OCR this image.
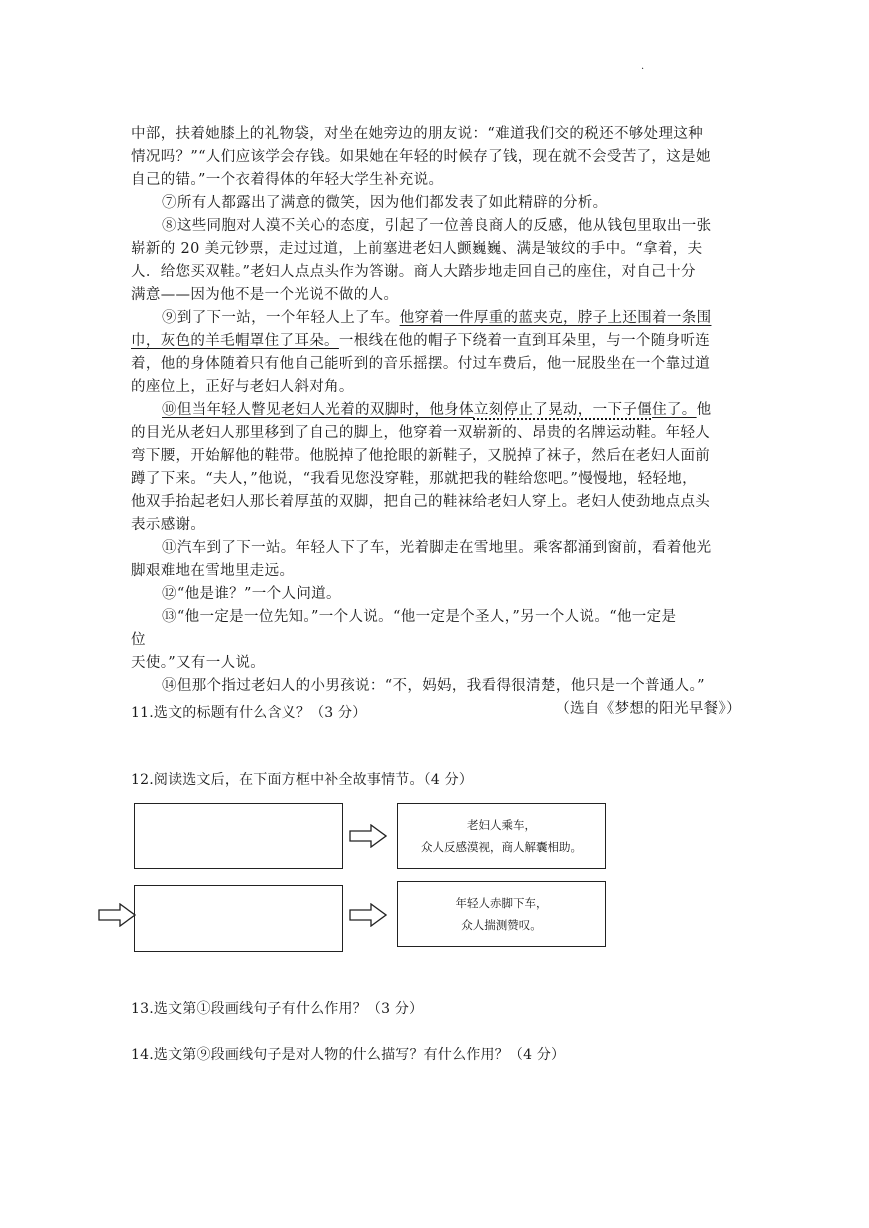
·
中部，扶着她膝上的礼物袋，对坐在她旁边的朋友说：“难道我们交的税还不够处理这种
情况吗？”“人们应该学会存钱。如果她在年轻的时候存了钱，现在就不会受苦了，这是她
自己的错。”一个衣着得体的年轻大学生补充说。
⑦所有人都露出了满意的微笑，因为他们都发表了如此精辟的分析。
⑧这些同胞对人漠不关心的态度，引起了一位善良商人的反感，他从钱包里取出一张
崭新的 20 美元钞票，走过过道，上前塞进老妇人颤巍巍、满是皱纹的手中。“拿着，夫
人．给您买双鞋。”老妇人点点头作为答谢。商人大踏步地走回自己的座住，对自己十分
满意——因为他不是一个光说不做的人。
⑨到了下一站，一个年轻人上了车。他穿着一件厚重的蓝夹克，脖子上还围着一条围
巾，灰色的羊毛帽罩住了耳朵。一根线在他的帽子下绕着一直到耳朵里，与一个随身听连
着，他的身体随着只有他自己能听到的音乐摇摆。付过车费后，他一屁股坐在一个靠过道
的座位上，正好与老妇人斜对角。
⑩但当年轻人瞥见老妇人光着的双脚时，他身体立刻停止了晃动，一下子僵住了。他
的目光从老妇人那里移到了自己的脚上，他穿着一双崭新的、昂贵的名牌运动鞋。年轻人
弯下腰，开始解他的鞋带。他脱掉了他抢眼的新鞋子，又脱掉了袜子，然后在老妇人面前
蹲了下来。“夫人，”他说，“我看见您没穿鞋，那就把我的鞋给您吧。”慢慢地，轻轻地，
他双手抬起老妇人那长着厚茧的双脚，把自己的鞋袜给老妇人穿上。老妇人使劲地点点头
表示感谢。
⑪汽车到了下一站。年轻人下了车，光着脚走在雪地里。乘客都涌到窗前，看着他光
脚艰难地在雪地里走远。
⑫“他是谁？”一个人问道。
⑬“他一定是一位先知。”一个人说。“他一定是个圣人，”另一个人说。“他一定是
位
天使。”又有一人说。
⑭但那个指过老妇人的小男孩说：“不，妈妈，我看得很清楚，他只是一个普通人。”
（选自《梦想的阳光早餐》）
11.选文的标题有什么含义？（3 分）
12.阅读选文后，在下面方框中补全故事情节。（4 分）
老妇人乘车，
众人反感漠视，商人解囊相助。
年轻人赤脚下车，
众人揣测赞叹。
13.选文第①段画线句子有什么作用？（3 分）
14.选文第⑨段画线句子是对人物的什么描写？有什么作用？（4 分）
